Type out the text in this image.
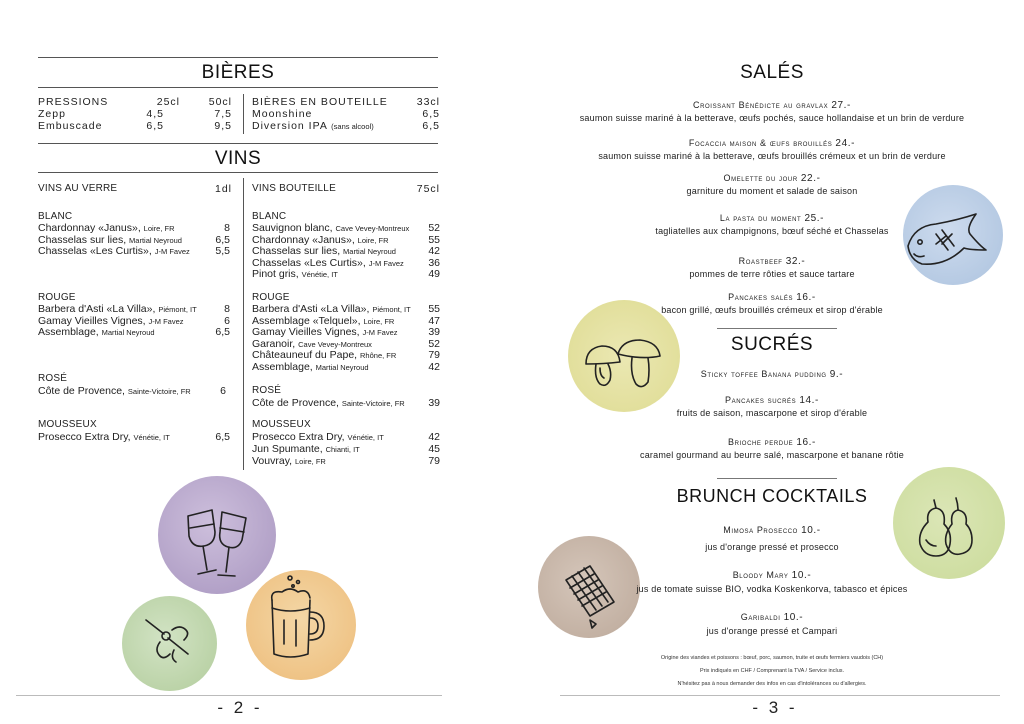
BIÈRES
PRESSIONS	25cl	50cl
Zepp	4,5	7,5
Embuscade	6,5	9,5
BIÈRES EN BOUTEILLE	33cl
Moonshine	6,5
Diversion IPA (sans alcool)	6,5
VINS
VINS AU VERRE	1dl
BLANC
Chardonnay «Janus», Loire, FR	8
Chasselas sur lies, Martial Neyroud	6,5
Chasselas «Les Curtis», J-M Favez	5,5
ROUGE
Barbera d'Asti «La Villa», Piémont, IT	8
Gamay Vieilles Vignes, J-M Favez	6
Assemblage, Martial Neyroud	6,5
ROSÉ
Côte de Provence, Sainte-Victoire, FR	6
MOUSSEUX
Prosecco Extra Dry, Vénétie, IT	6,5
VINS BOUTEILLE	75cl
BLANC
Sauvignon blanc, Cave Vevey-Montreux	52
Chardonnay «Janus», Loire, FR	55
Chasselas sur lies, Martial Neyroud	42
Chasselas «Les Curtis», J-M Favez	36
Pinot gris, Vénétie, IT	49
ROUGE
Barbera d'Asti «La Villa», Piémont, IT	55
Assemblage «Telquel», Loire, FR	47
Gamay Vieilles Vignes, J-M Favez	39
Garanoir, Cave Vevey-Montreux	52
Châteauneuf du Pape, Rhône, FR	79
Assemblage, Martial Neyroud	42
ROSÉ
Côte de Provence, Sainte-Victoire, FR	39
MOUSSEUX
Prosecco Extra Dry, Vénétie, IT	42
Jun Spumante, Chianti, IT	45
Vouvray, Loire, FR	79
- 2 -
SALÉS
Croissant Bénédicte au gravlax 27.-
saumon suisse mariné à la betterave, œufs pochés, sauce hollandaise et un brin de verdure
Focaccia maison & œufs brouillés 24.-
saumon suisse mariné à la betterave, œufs brouillés crémeux et un brin de verdure
Omelette du jour 22.-
garniture du moment et salade de saison
La pasta du moment 25.-
tagliatelles aux champignons, bœuf séché et Chasselas
Roastbeef 32.-
pommes de terre rôties et sauce tartare
Pancakes salés 16.-
bacon grillé, œufs brouillés crémeux et sirop d'érable
SUCRÉS
Sticky toffee Banana pudding 9.-
Pancakes sucrés 14.-
fruits de saison, mascarpone et sirop d'érable
Brioche perdue 16.-
caramel gourmand au beurre salé, mascarpone et banane rôtie
BRUNCH COCKTAILS
Mimosa Prosecco 10.-
jus d'orange pressé et prosecco
Bloody Mary 10.-
jus de tomate suisse BIO, vodka Koskenkorva, tabasco et épices
Garibaldi 10.-
jus d'orange pressé et Campari
Origine des viandes et poissons : bœuf, porc, saumon, truite et œufs fermiers vaudois (CH)
Prix indiqués en CHF / Comprenant la TVA / Service inclus.
N'hésitez pas à nous demander des infos en cas d'intolérances ou d'allergies.
- 3 -
